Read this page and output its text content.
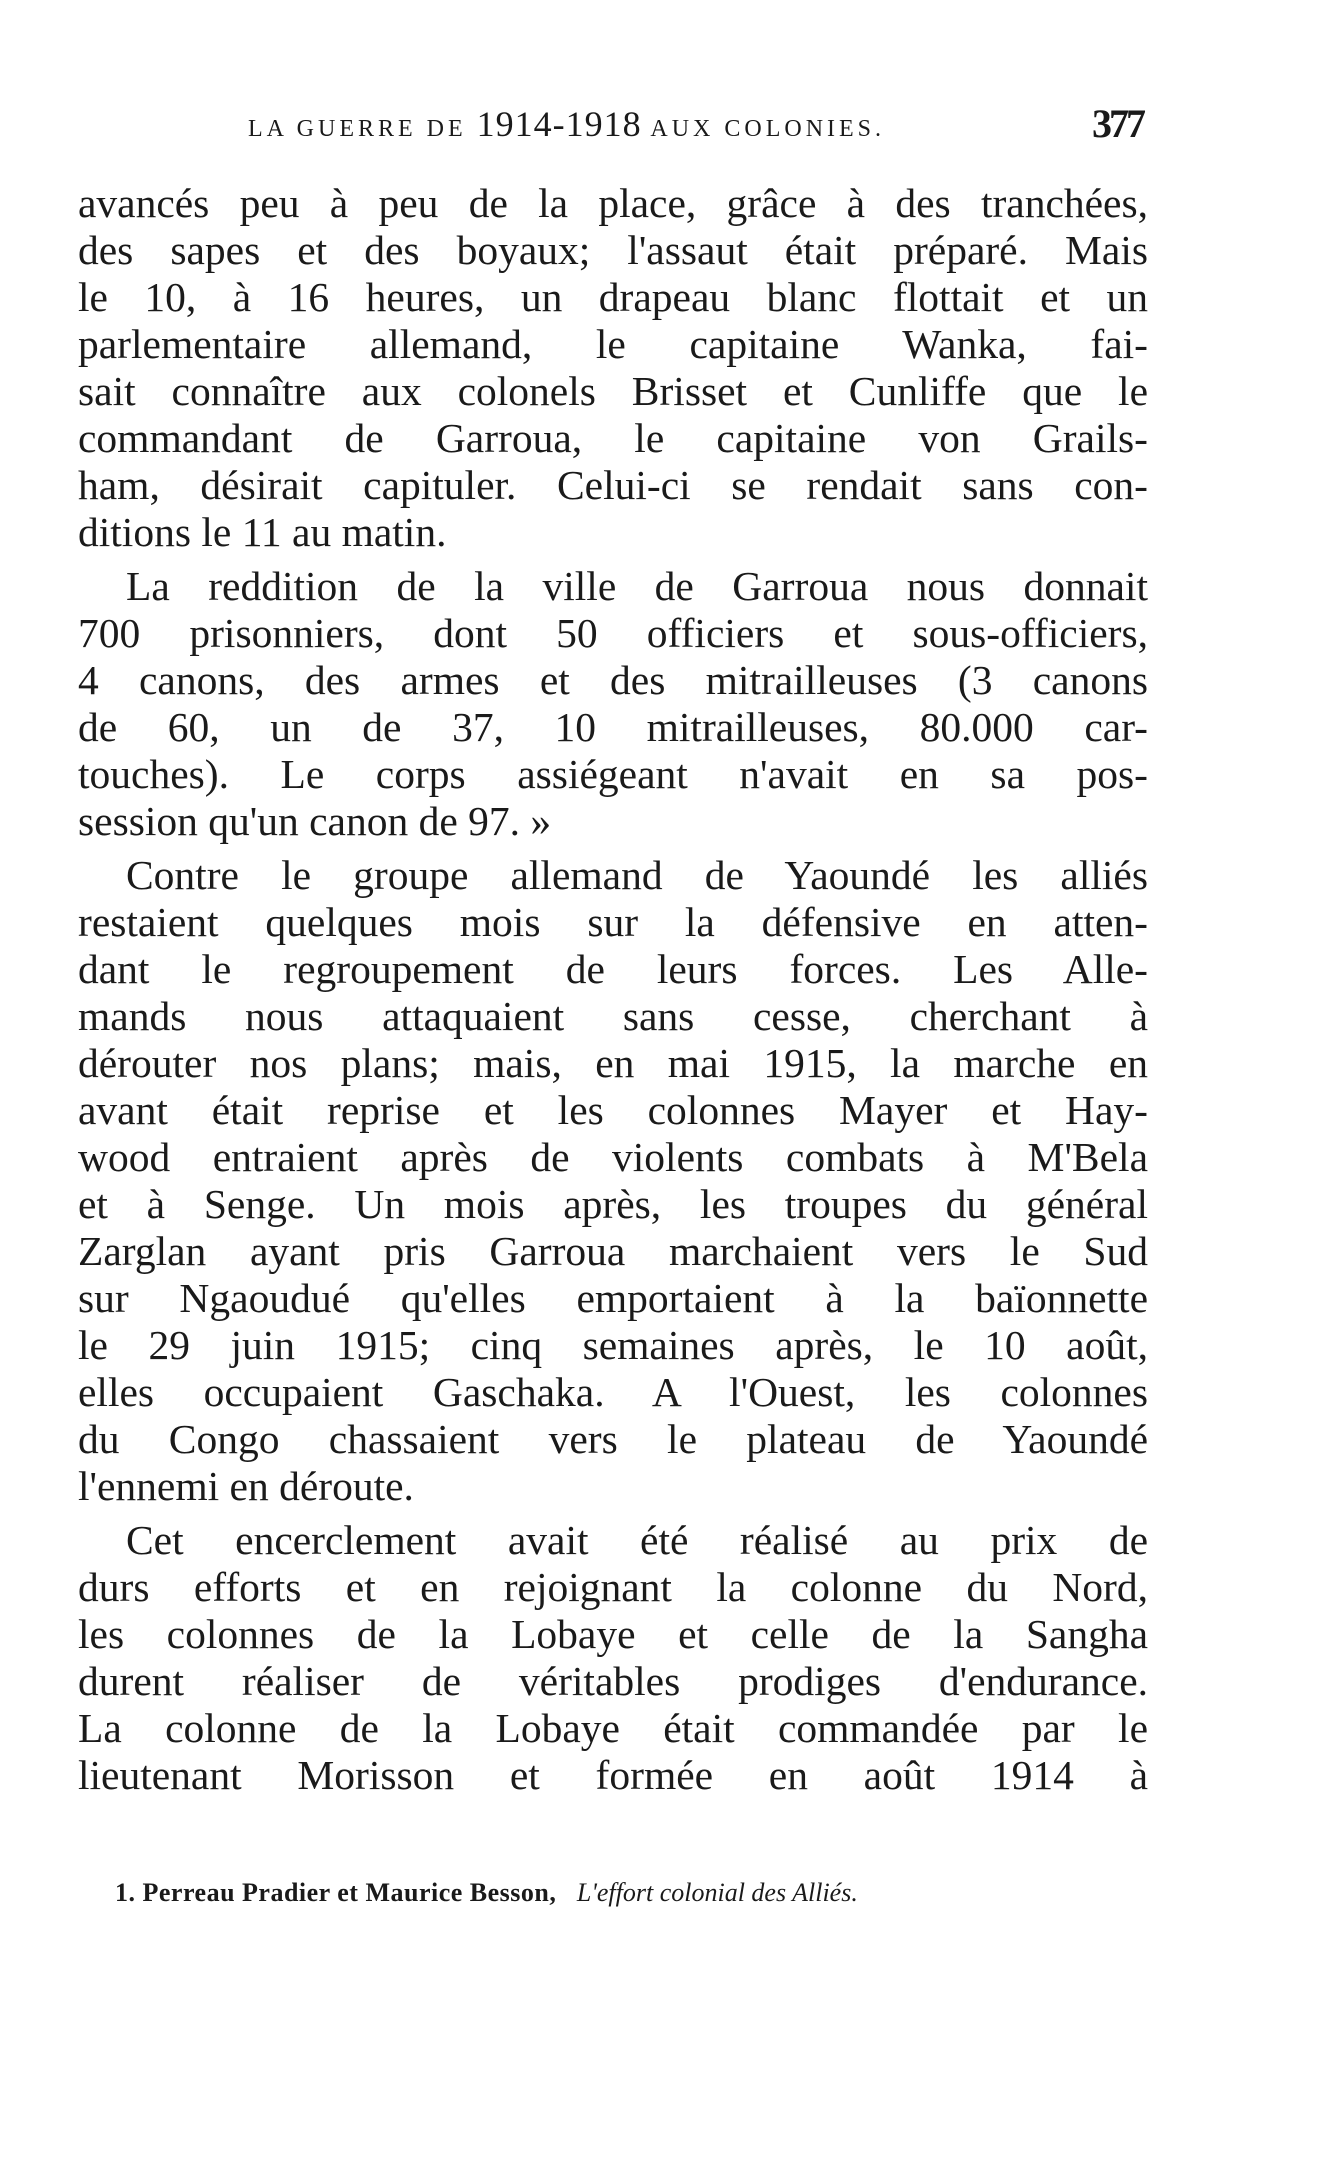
LA GUERRE DE 1914-1918 AUX COLONIES.	377

avancés peu à peu de la place, grâce à des tranchées,
des sapes et des boyaux; l'assaut était préparé. Mais
le 10, à 16 heures, un drapeau blanc flottait et un
parlementaire allemand, le capitaine Wanka, fai-
sait connaître aux colonels Brisset et Cunliffe que le
commandant de Garroua, le capitaine von Grails-
ham, désirait capituler. Celui-ci se rendait sans con-
ditions le 11 au matin.

La reddition de la ville de Garroua nous donnait
700 prisonniers, dont 50 officiers et sous-officiers,
4 canons, des armes et des mitrailleuses (3 canons
de 60, un de 37, 10 mitrailleuses, 80.000 car-
touches). Le corps assiégeant n'avait en sa pos-
session qu'un canon de 97. »

Contre le groupe allemand de Yaoundé les alliés
restaient quelques mois sur la défensive en atten-
dant le regroupement de leurs forces. Les Alle-
mands nous attaquaient sans cesse, cherchant à
dérouter nos plans; mais, en mai 1915, la marche en
avant était reprise et les colonnes Mayer et Hay-
wood entraient après de violents combats à M'Bela
et à Senge. Un mois après, les troupes du général
Zarglan ayant pris Garroua marchaient vers le Sud
sur Ngaoudué qu'elles emportaient à la baïonnette
le 29 juin 1915; cinq semaines après, le 10 août,
elles occupaient Gaschaka. A l'Ouest, les colonnes
du Congo chassaient vers le plateau de Yaoundé
l'ennemi en déroute.

Cet encerclement avait été réalisé au prix de
durs efforts et en rejoignant la colonne du Nord,
les colonnes de la Lobaye et celle de la Sangha
durent réaliser de véritables prodiges d'endurance.
La colonne de la Lobaye était commandée par le
lieutenant Morisson et formée en août 1914 à

1. Perreau Pradier et Maurice Besson, L'effort colonial des Alliés.
